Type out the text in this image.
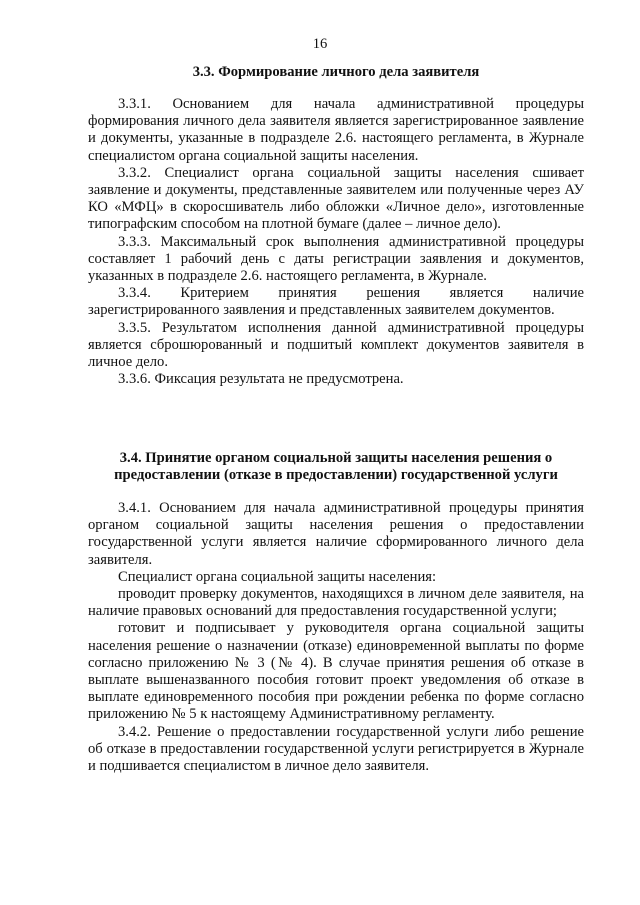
16
3.3. Формирование личного дела заявителя

3.3.1. Основанием для начала административной процедуры формирования личного дела заявителя является зарегистрированное заявление и документы, указанные в подразделе 2.6. настоящего регламента, в Журнале специалистом органа социальной защиты населения.

3.3.2. Специалист органа социальной защиты населения сшивает заявление и документы, представленные заявителем или полученные через АУ КО «МФЦ» в скоросшиватель либо обложки «Личное дело», изготовленные типографским способом на плотной бумаге (далее – личное дело).

3.3.3. Максимальный срок выполнения административной процедуры составляет 1 рабочий день с даты регистрации заявления и документов, указанных в подразделе 2.6. настоящего регламента, в Журнале.

3.3.4. Критерием принятия решения является наличие зарегистрированного заявления и представленных заявителем документов.

3.3.5. Результатом исполнения данной административной процедуры является сброшюрованный и подшитый комплект документов заявителя в личное дело.

3.3.6. Фиксация результата не предусмотрена.

3.4. Принятие органом социальной защиты населения решения о предоставлении (отказе в предоставлении) государственной услуги

3.4.1. Основанием для начала административной процедуры принятия органом социальной защиты населения решения о предоставлении государственной услуги является наличие сформированного личного дела заявителя.

Специалист органа социальной защиты населения:

проводит проверку документов, находящихся в личном деле заявителя, на наличие правовых оснований для предоставления государственной услуги;

готовит и подписывает у руководителя органа социальной защиты населения решение о назначении (отказе) единовременной выплаты по форме согласно приложению № 3 (№ 4). В случае принятия решения об отказе в выплате вышеназванного пособия готовит проект уведомления об отказе в выплате единовременного пособия при рождении ребенка по форме согласно приложению № 5 к настоящему Административному регламенту.

3.4.2. Решение о предоставлении государственной услуги либо решение об отказе в предоставлении государственной услуги регистрируется в Журнале и подшивается специалистом в личное дело заявителя.
